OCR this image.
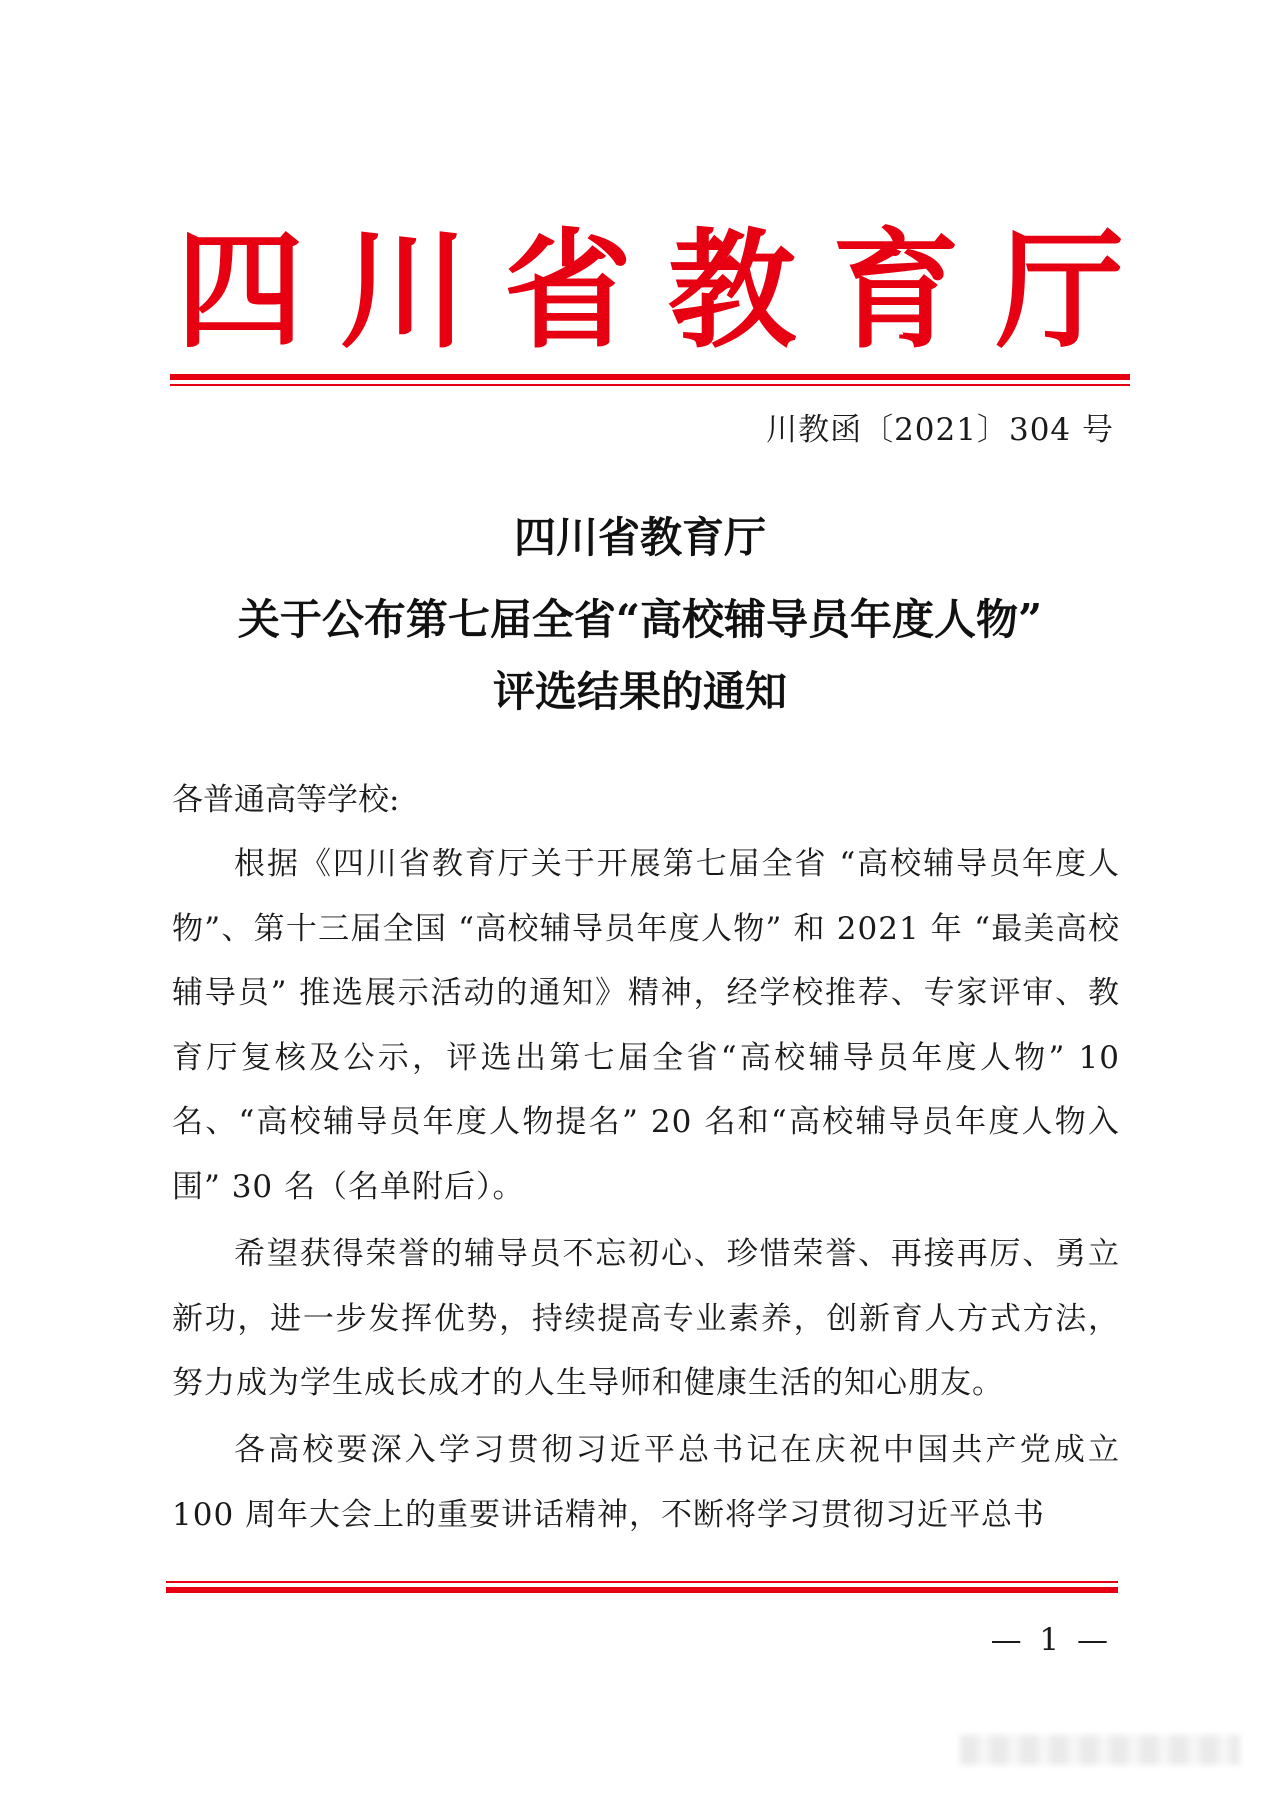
四 川 省 教 育 厅
川教函〔2021〕304 号
四川省教育厅
关于公布第七届全省“高校辅导员年度人物”
评选结果的通知
各普通高等学校:

根据《四川省教育厅关于开展第七届全省 “高校辅导员年度人物”、第十三届全国 “高校辅导员年度人物” 和 2021 年 “最美高校辅导员” 推选展示活动的通知》精神，经学校推荐、专家评审、教育厅复核及公示，评选出第七届全省“高校辅导员年度人物” 10 名、“高校辅导员年度人物提名” 20 名和“高校辅导员年度人物入围” 30 名（名单附后）。

希望获得荣誉的辅导员不忘初心、珍惜荣誉、再接再厉、勇立新功，进一步发挥优势，持续提高专业素养，创新育人方式方法，努力成为学生成长成才的人生导师和健康生活的知心朋友。

各高校要深入学习贯彻习近平总书记在庆祝中国共产党成立 100 周年大会上的重要讲话精神，不断将学习贯彻习近平总书

— 1 —
